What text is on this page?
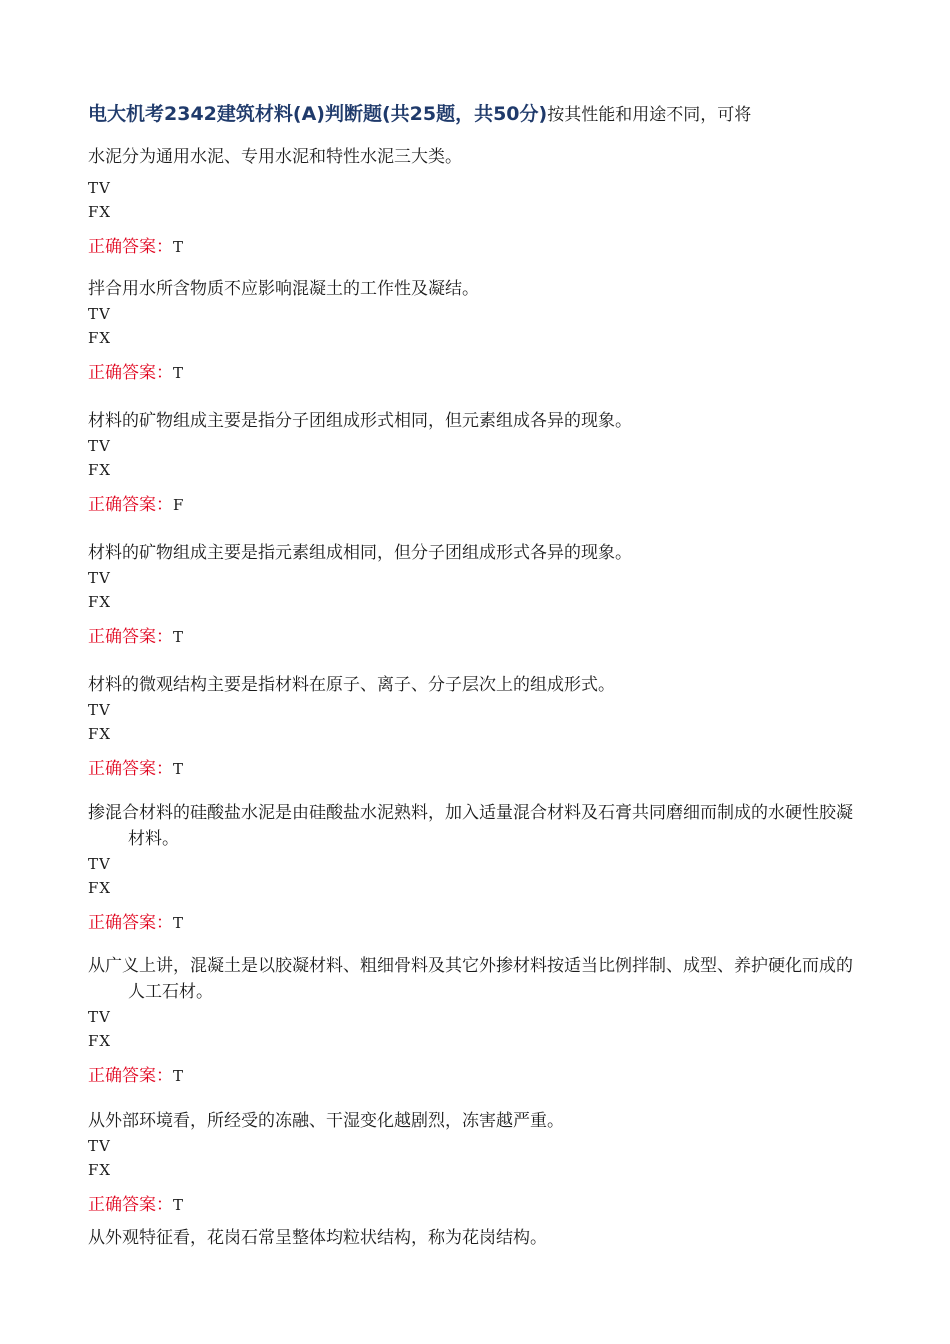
电大机考2342建筑材料(A)判断题(共25题，共50分)按其性能和用途不同，可将
水泥分为通用水泥、专用水泥和特性水泥三大类。
TV
FX
正确答案：T
拌合用水所含物质不应影响混凝土的工作性及凝结。
TV
FX
正确答案：T
材料的矿物组成主要是指分子团组成形式相同，但元素组成各异的现象。
TV
FX
正确答案：F
材料的矿物组成主要是指元素组成相同，但分子团组成形式各异的现象。
TV
FX
正确答案：T
材料的微观结构主要是指材料在原子、离子、分子层次上的组成形式。
TV
FX
正确答案：T
掺混合材料的硅酸盐水泥是由硅酸盐水泥熟料，加入适量混合材料及石膏共同磨细而制成的水硬性胶凝材料。
TV
FX
正确答案：T
从广义上讲，混凝土是以胶凝材料、粗细骨料及其它外掺材料按适当比例拌制、成型、养护硬化而成的人工石材。
TV
FX
正确答案：T
从外部环境看，所经受的冻融、干湿变化越剧烈，冻害越严重。
TV
FX
正确答案：T
从外观特征看，花岗石常呈整体均粒状结构，称为花岗结构。
